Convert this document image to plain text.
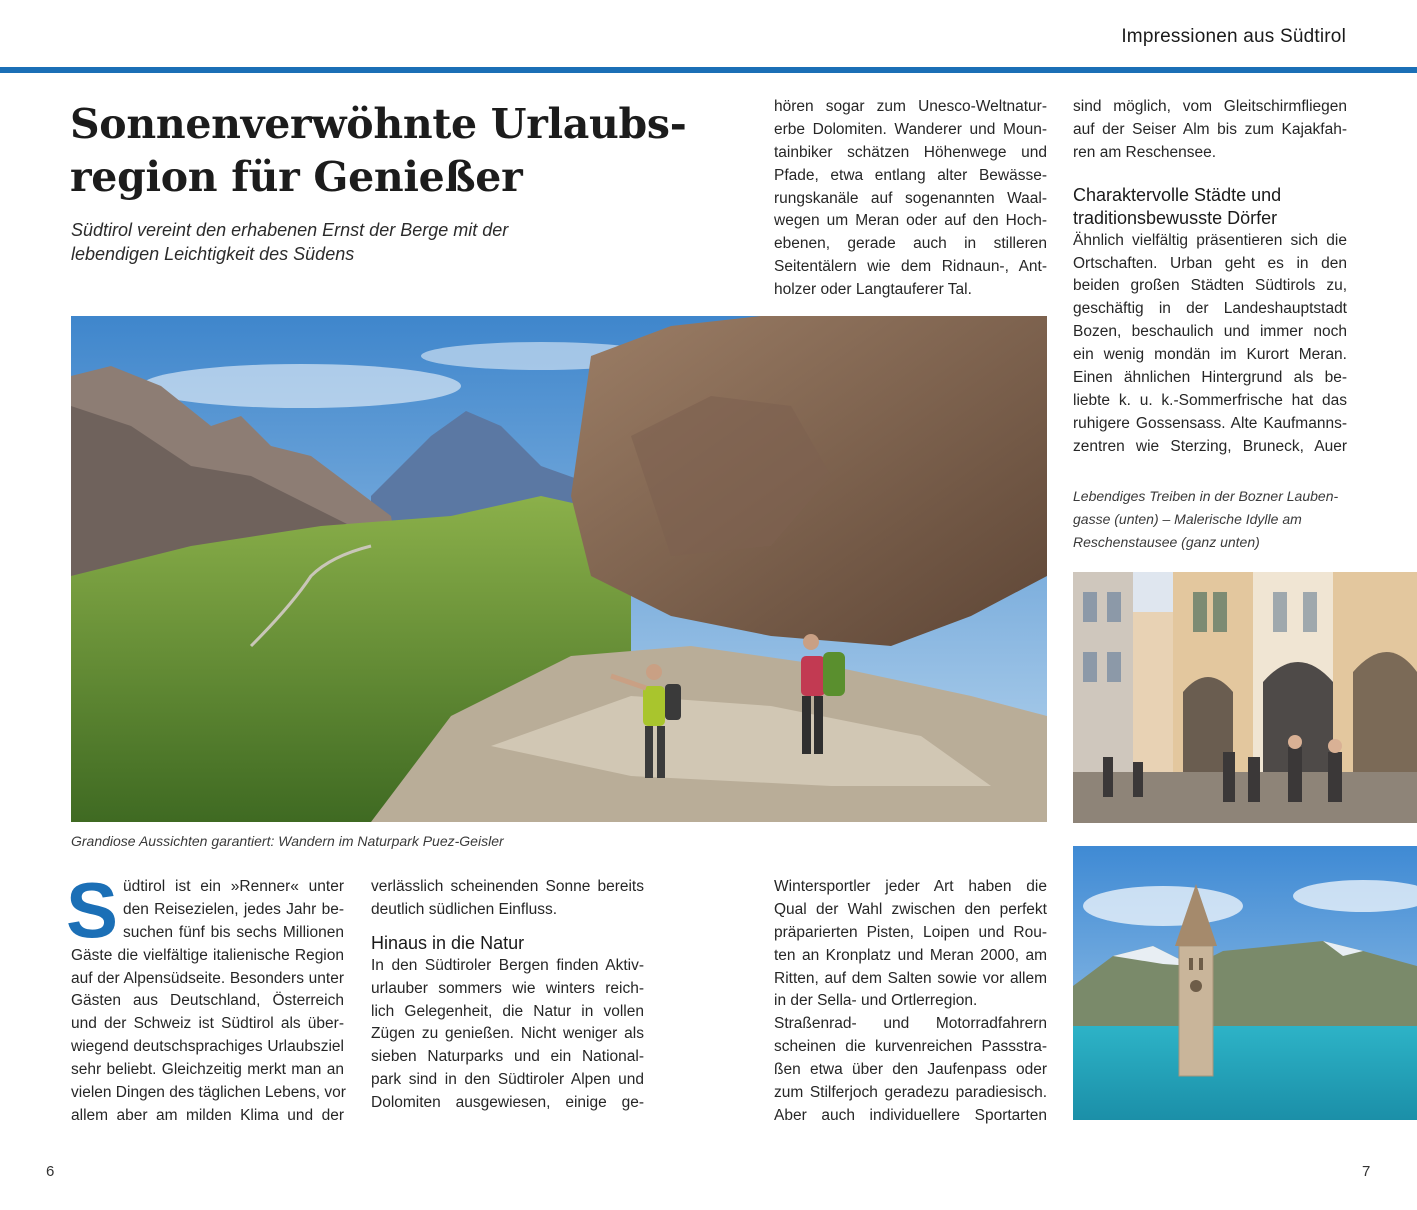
Impressionen aus Südtirol
Sonnenverwöhnte Urlaubs-
region für Genießer
Südtirol vereint den erhabenen Ernst der Berge mit der
lebendigen Leichtigkeit des Südens
hören sogar zum Unesco-Weltnatur-
erbe Dolomiten. Wanderer und Moun-
tainbiker schätzen Höhenwege und
Pfade, etwa entlang alter Bewässe-
rungskanäle auf sogenannten Waal-
wegen um Meran oder auf den Hoch-
ebenen, gerade auch in stilleren
Seitentälern wie dem Ridnaun-, Ant-
holzer oder Langtauferer Tal.
sind möglich, vom Gleitschirmfliegen
auf der Seiser Alm bis zum Kajakfah-
ren am Reschensee.
Charaktervolle Städte und
traditionsbewusste Dörfer
Ähnlich vielfältig präsentieren sich die
Ortschaften. Urban geht es in den
beiden großen Städten Südtirols zu,
geschäftig in der Landeshauptstadt
Bozen, beschaulich und immer noch
ein wenig mondän im Kurort Meran.
Einen ähnlichen Hintergrund als be-
liebte k. u. k.-Sommerfrische hat das
ruhigere Gossensass. Alte Kaufmanns-
zentren wie Sterzing, Bruneck, Auer
Lebendiges Treiben in der Bozner Lauben-
gasse (unten) – Malerische Idylle am
Reschenstausee (ganz unten)
Grandiose Aussichten garantiert: Wandern im Naturpark Puez-Geisler
S üdtirol ist ein »Renner« unter
den Reisezielen, jedes Jahr be-
suchen fünf bis sechs Millionen
Gäste die vielfältige italienische Region
auf der Alpensüdseite. Besonders unter
Gästen aus Deutschland, Österreich
und der Schweiz ist Südtirol als über-
wiegend deutschsprachiges Urlaubsziel
sehr beliebt. Gleichzeitig merkt man an
vielen Dingen des täglichen Lebens, vor
allem aber am milden Klima und der
verlässlich scheinenden Sonne bereits
deutlich südlichen Einfluss.
Hinaus in die Natur
In den Südtiroler Bergen finden Aktiv-
urlauber sommers wie winters reich-
lich Gelegenheit, die Natur in vollen
Zügen zu genießen. Nicht weniger als
sieben Naturparks und ein National-
park sind in den Südtiroler Alpen und
Dolomiten ausgewiesen, einige ge-
Wintersportler jeder Art haben die
Qual der Wahl zwischen den perfekt
präparierten Pisten, Loipen und Rou-
ten an Kronplatz und Meran 2000, am
Ritten, auf dem Salten sowie vor allem
in der Sella- und Ortlerregion.
Straßenrad- und Motorradfahrern
scheinen die kurvenreichen Passstra-
ßen etwa über den Jaufenpass oder
zum Stilferjoch geradezu paradiesisch.
Aber auch individuellere Sportarten
6	7
